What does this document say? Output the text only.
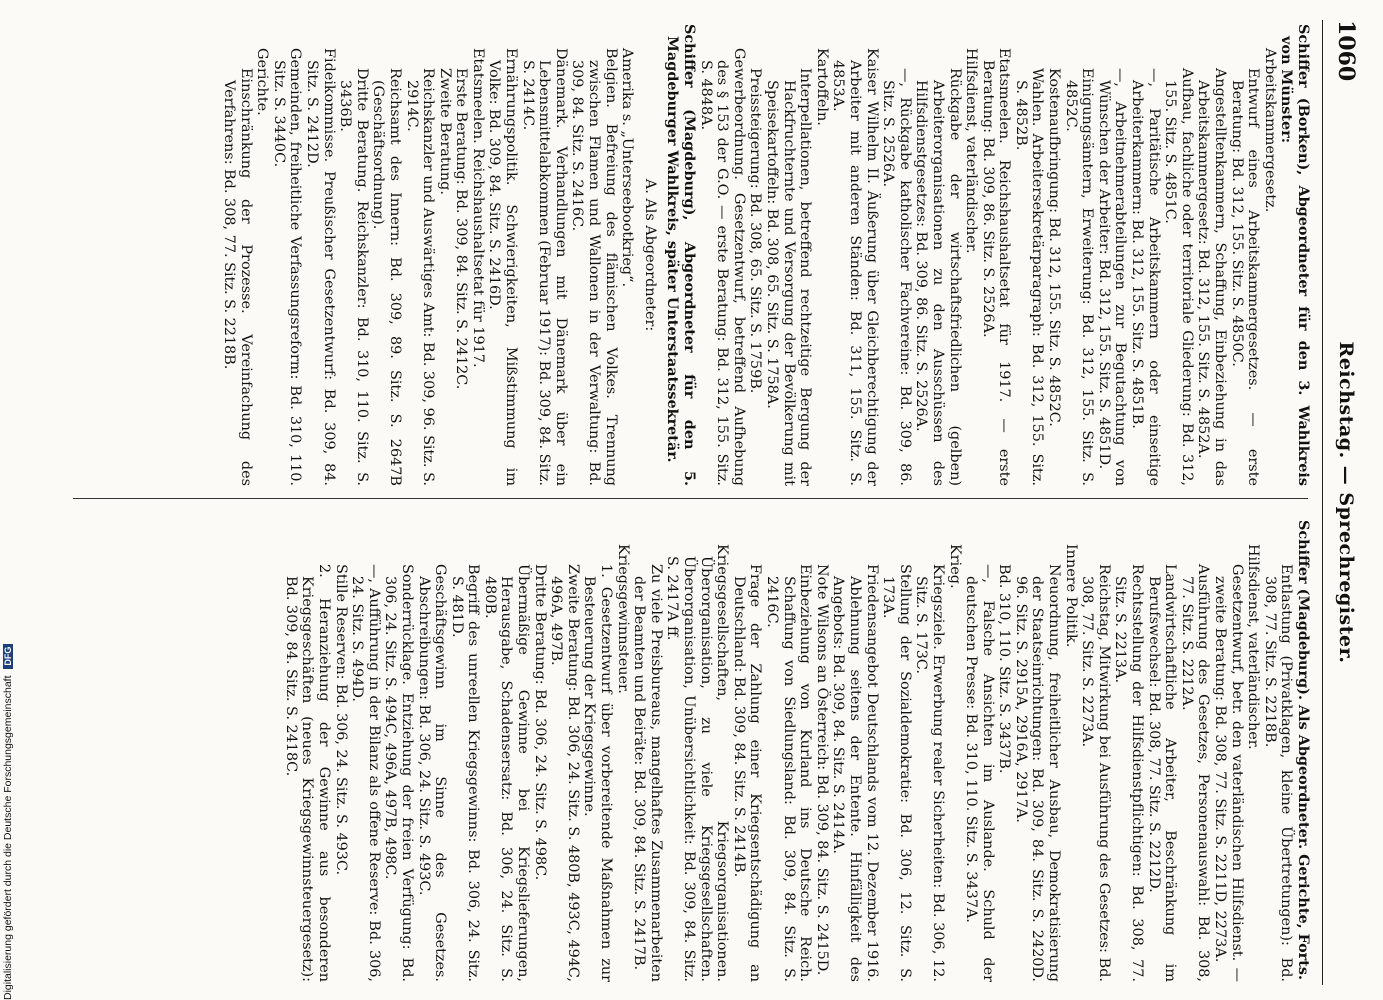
1060
Reichstag. — Sprechregister.

Schiffer (Borken), Abgeordneter für den 3. Wahlkreis von Münster:

Arbeitskammergesetz.

Entwurf eines Arbeitskammergesetzes. — erste Beratung: Bd. 312, 155. Sitz. S. 4850C.

Angestelltenkammern, Schaffung, Einbeziehung in das Arbeitskammergesetz: Bd. 312, 155. Sitz. S. 4852A.

Aufbau, fachliche oder territoriale Gliederung: Bd. 312, 155. Sitz. S. 4851C.

—, Paritätische Arbeitskammern oder einseitige Arbeiterkammern: Bd. 312, 155. Sitz. S. 4851B.

—, Arbeitnehmerabteilungen zur Begutachtung von Wünschen der Arbeiter: Bd. 312, 155. Sitz. S. 4851D.

Einigungsämtern, Erweiterung: Bd. 312, 155. Sitz. S. 4852C.

Kostenaufbringung: Bd. 312, 155. Sitz. S. 4852C.

Wahlen. Arbeitersekretärparagraph: Bd. 312, 155. Sitz. S. 4852B.

Etatsmeelen. Reichshaushaltsetat für 1917. — erste Beratung: Bd. 309, 86. Sitz. S. 2526A.

Hilfsdienst, vaterländischer.

Rückgabe der wirtschaftsfriedlichen (gelben) Arbeiterorganisationen zu den Ausschüssen des Hilfsdienstgesetzes: Bd. 309, 86. Sitz. S. 2526A.

—, Rückgabe katholischer Fachvereine: Bd. 309, 86. Sitz. S. 2526A.

Kaiser Wilhelm II. Äußerung über Gleichberechtigung der Arbeiter mit anderen Ständen: Bd. 311, 155. Sitz. S. 4853A.

Kartoffeln.

Interpellationen, betreffend rechtzeitige Bergung der Hackfruchternte und Versorgung der Bevölkerung mit Speisekartoffeln: Bd. 308, 65. Sitz. S. 1758A.

Preissteigerung: Bd. 308, 65. Sitz. S. 1759B.

Gewerbeordnung. Gesetzentwurf, betreffend Aufhebung des § 153 der G.O. — erste Beratung: Bd. 312, 155. Sitz. S. 4848A.

Schiffer (Magdeburg), Abgeordneter für den 5. Magdeburger Wahlkreis, später Unterstaatssekretär.

A. Als Abgeordneter:

Amerika s. „Unterseebootkrieg“.

Belgien. Befreiung des flämischen Volkes. Trennung zwischen Flamen und Wallonen in der Verwaltung: Bd. 309, 84. Sitz. S. 2416C.

Dänemark. Verhandlungen mit Dänemark über ein Lebensmittelabkommen (Februar 1917): Bd. 309, 84. Sitz. S. 2414C.

Ernährungspolitik. Schwierigkeiten, Mißstimmung im Volke: Bd. 309, 84. Sitz. S. 2416D.

Etatsmeelen. Reichshaushaltsetat für 1917.

Erste Beratung: Bd. 309, 84. Sitz. S. 2412C.

Zweite Beratung.

Reichskanzler und Auswärtiges Amt: Bd. 309, 96. Sitz. S. 2914C.

Reichsamt des Innern: Bd. 309, 89. Sitz. S. 2647B (Geschäftsordnung).

Dritte Beratung. Reichskanzler: Bd. 310, 110. Sitz. S. 3436B.

Fideikommisse. Preußischer Gesetzentwurf: Bd. 309, 84. Sitz. S. 2412D.

Gemeinden, freiheitliche Verfassungsreform: Bd. 310, 110. Sitz. S. 3440C.

Gerichte.

Einschränkung der Prozesse. Vereinfachung des Verfahrens: Bd. 308, 77. Sitz. S. 2218B.

Schiffer (Magdeburg). Als Abgeordneter. Gerichte, Forts.

Entlastung (Privatklagen, kleine Übertretungen): Bd. 308, 77. Sitz. S. 2218B.

Hilfsdienst, vaterländischer.

Gesetzentwurf, betr. den vaterländischen Hilfsdienst. — zweite Beratung: Bd. 308, 77. Sitz. S. 2211D, 2273A.

Ausführung des Gesetzes, Personenauswahl: Bd. 308, 77. Sitz. S. 2212A.

Landwirtschaftliche Arbeiter, Beschränkung im Berufswechsel: Bd. 308, 77. Sitz. S. 2212D.

Rechtsstellung der Hilfsdienstpflichtigen: Bd. 308, 77. Sitz. S. 2213A.

Reichstag, Mitwirkung bei Ausführung des Gesetzes: Bd. 308, 77. Sitz. S. 2273A.

Innere Politik.

Neuordnung, freiheitlicher Ausbau, Demokratisierung der Staatseinrichtungen: Bd. 309, 84. Sitz. S. 2420D. 96. Sitz. S. 2915A, 2916A, 2917A.

Bd. 310, 110. Sitz. S. 3437B.

—, Falsche Ansichten im Auslande. Schuld der deutschen Presse: Bd. 310, 110. Sitz. S. 3437A.

Krieg.

Kriegsziele. Erwerbung realer Sicherheiten: Bd. 306, 12. Sitz. S. 173C.

Stellung der Sozialdemokratie: Bd. 306, 12. Sitz. S. 173A.

Friedensangebot Deutschlands vom 12. Dezember 1916. Ablehnung seitens der Entente. Hinfälligkeit des Angebots: Bd. 309, 84. Sitz. S. 2414A.

Note Wilsons an Österreich: Bd. 309, 84. Sitz. S. 2415D.

Einbeziehung von Kurland ins Deutsche Reich. Schaffung von Siedlungsland: Bd. 309, 84. Sitz. S. 2416C.

Frage der Zahlung einer Kriegsentschädigung an Deutschland: Bd. 309, 84. Sitz. S. 2414B.

Kriegsgesellschaften, Kriegsorganisationen. Überorganisation, zu viele Kriegsgesellschaften. Überorganisation, Unübersichtlichkeit: Bd. 309, 84. Sitz. S. 2417A ff.

Zu viele Preisbureaus, mangelhaftes Zusammenarbeiten der Beamten und Beiräte: Bd. 309, 84. Sitz. S. 2417B.

Kriegsgewinnsteuer.

1. Gesetzentwurf über vorbereitende Maßnahmen zur Besteuerung der Kriegsgewinne.

Zweite Beratung: Bd. 306, 24. Sitz. S. 480B, 493C, 494C, 496A, 497B.

Dritte Beratung: Bd. 306, 24. Sitz. S. 498C.

Übermäßige Gewinne bei Kriegslieferungen, Herausgabe, Schadensersatz: Bd. 306, 24. Sitz. S. 480B.

Begriff des unreellen Kriegsgewinns: Bd. 306, 24. Sitz. S. 481D.

Geschäftsgewinn im Sinne des Gesetzes. Abschreibungen: Bd. 306, 24. Sitz. S. 493C.

Sonderrücklage. Entziehung der freien Verfügung: Bd. 306, 24. Sitz. S. 494C, 496A, 497B, 498C.

—, Aufführung in der Bilanz als offene Reserve: Bd. 306, 24. Sitz. S. 494D.

Stille Reserven: Bd. 306, 24. Sitz. S. 493C.

2. Heranziehung der Gewinne aus besonderen Kriegsgeschäften (neues Kriegsgewinnsteuergesetz): Bd. 309, 84. Sitz. S. 2418C.

Digitalisierung gefördert durch die Deutsche Forschungsgemeinschaft DFG
